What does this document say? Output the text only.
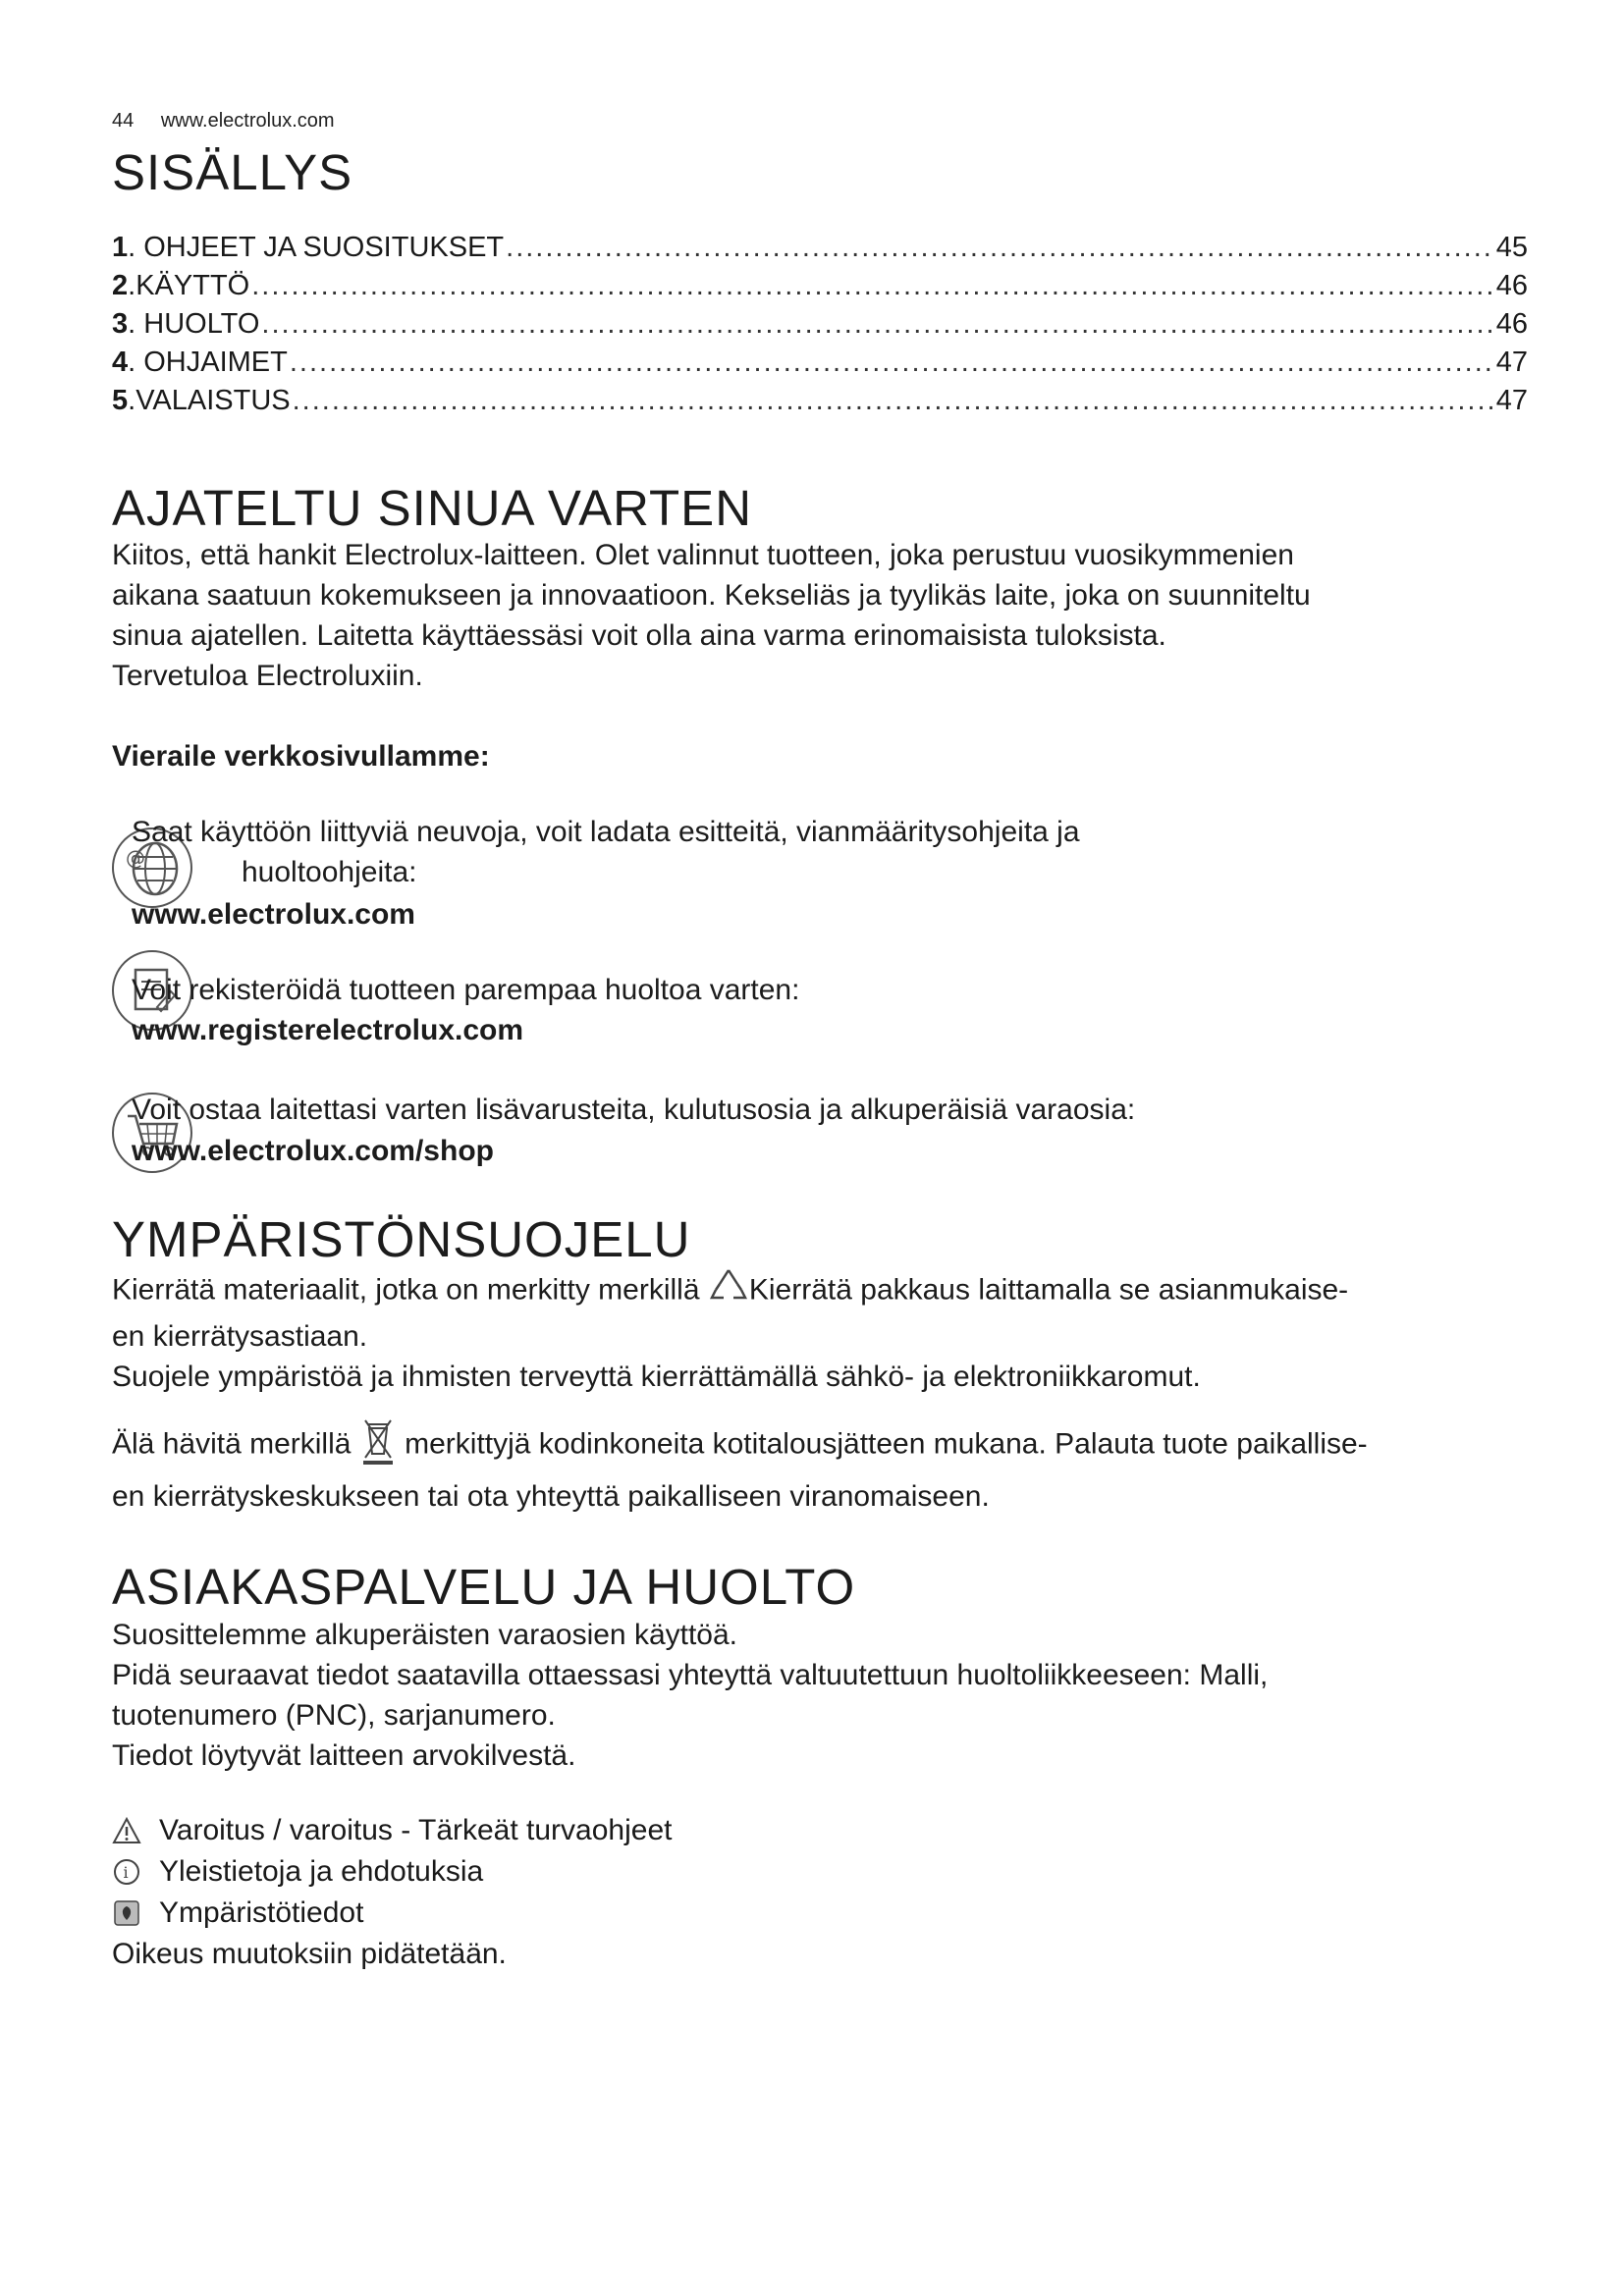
44 www.electrolux.com
SISÄLLYS
1 . OHJEET JA SUOSITUKSET .....	45
2 .KÄYTTÖ .....	46
3 . HUOLTO .....	46
4 . OHJAIMET .....	47
5 .VALAISTUS .....	47
AJATELTU SINUA VARTEN
Kiitos, että hankit Electrolux-laitteen. Olet valinnut tuotteen, joka perustuu vuosikymmenien
aikana saatuun kokemukseen ja innovaatioon. Kekseliäs ja tyylikäs laite, joka on suunniteltu
sinua ajatellen. Laitetta käyttäessäsi voit olla aina varma erinomaisista tuloksista.
Tervetuloa Electroluxiin.
Vieraile verkkosivullamme:
@
Saat käyttöön liittyviä neuvoja, voit ladata esitteitä, vianmääritysohjeita ja
huoltoohjeita:
www.electrolux.com
Voit rekisteröidä tuotteen parempaa huoltoa varten:
www.registerelectrolux.com
Voit ostaa laitettasi varten lisävarusteita, kulutusosia ja alkuperäisiä varaosia:
www.electrolux.com/shop
YMPÄRISTÖNSUOJELU
Kierrätä materiaalit, jotka on merkitty merkillä Kierrätä pakkaus laittamalla se asianmukaise-
en kierrätysastiaan.
Suojele ympäristöä ja ihmisten terveyttä kierrättämällä sähkö- ja elektroniikkaromut.
Älä hävitä merkillä merkittyjä kodinkoneita kotitalousjätteen mukana. Palauta tuote paikallise-
en kierrätyskeskukseen tai ota yhteyttä paikalliseen viranomaiseen.
ASIAKASPALVELU JA HUOLTO
Suosittelemme alkuperäisten varaosien käyttöä.
Pidä seuraavat tiedot saatavilla ottaessasi yhteyttä valtuutettuun huoltoliikkeeseen: Malli,
tuotenumero (PNC), sarjanumero.
Tiedot löytyvät laitteen arvokilvestä.
Varoitus / varoitus - Tärkeät turvaohjeet
i Yleistietoja ja ehdotuksia
Ympäristötiedot
Oikeus muutoksiin pidätetään.
